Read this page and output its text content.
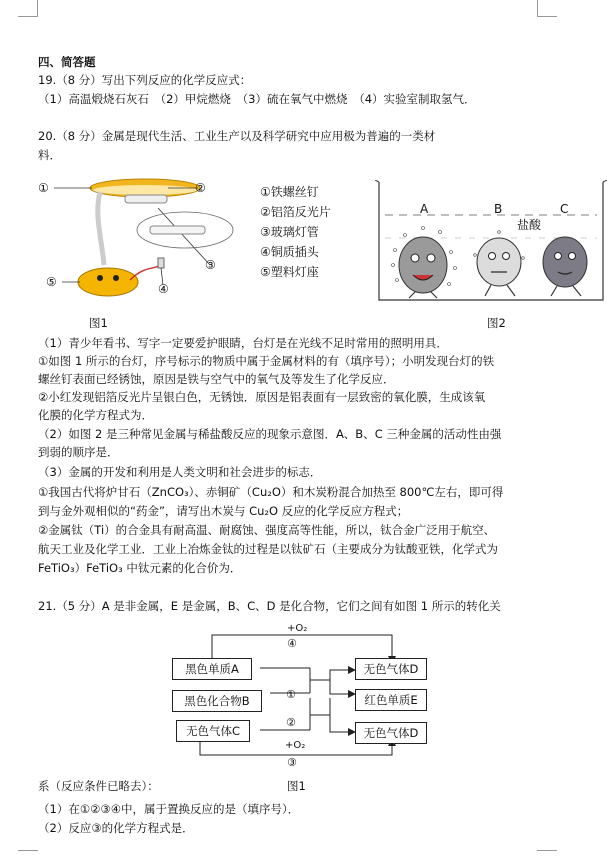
四、简答题
19.（8 分）写出下列反应的化学反应式：
（1）高温煅烧石灰石　（2）甲烷燃烧　（3）硫在氧气中燃烧　（4）实验室制取氢气．
20.（8 分）金属是现代生活、工业生产以及科学研究中应用极为普遍的一类材
料．
①	②
③
④
⑤
①铁螺丝钉
②铝箔反光片
③玻璃灯管
④铜质插头
⑤塑料灯座
图1
A	B	C
盐酸
图2
（1）青少年看书、写字一定要爱护眼睛，台灯是在光线不足时常用的照明用具．
①如图 1 所示的台灯，序号标示的物质中属于金属材料的有（填序号）；小明发现台灯的铁
螺丝钉表面已经锈蚀，原因是铁与空气中的氧气及等发生了化学反应．
②小红发现铝箔反光片呈银白色，无锈蚀．原因是铝表面有一层致密的氧化膜，生成该氧
化膜的化学方程式为．
（2）如图 2 是三种常见金属与稀盐酸反应的现象示意图．A、B、C 三种金属的活动性由强
到弱的顺序是．
（3）金属的开发和利用是人类文明和社会进步的标志．
①我国古代将炉甘石（ZnCO₃）、赤铜矿（Cu₂O）和木炭粉混合加热至 800℃左右，即可得
到与金外观相似的“药金”，请写出木炭与 Cu₂O 反应的化学反应方程式；
②金属钛（Ti）的合金具有耐高温、耐腐蚀、强度高等性能，所以，钛合金广泛用于航空、
航天工业及化学工业．工业上冶炼金钛的过程是以钛矿石（主要成分为钛酸亚铁，化学式为
FeTiO₃）FeTiO₃ 中钛元素的化合价为．
21.（5 分）A 是非金属，E 是金属，B、C、D 是化合物，它们之间有如图 1 所示的转化关
+O₂
④
①
②
+O₂
③
黑色单质A
黑色化合物B
无色气体C
无色气体D
红色单质E
无色气体D
系（反应条件已略去）：	图1
（1）在①②③④中，属于置换反应的是（填序号）．
（2）反应③的化学方程式是．
